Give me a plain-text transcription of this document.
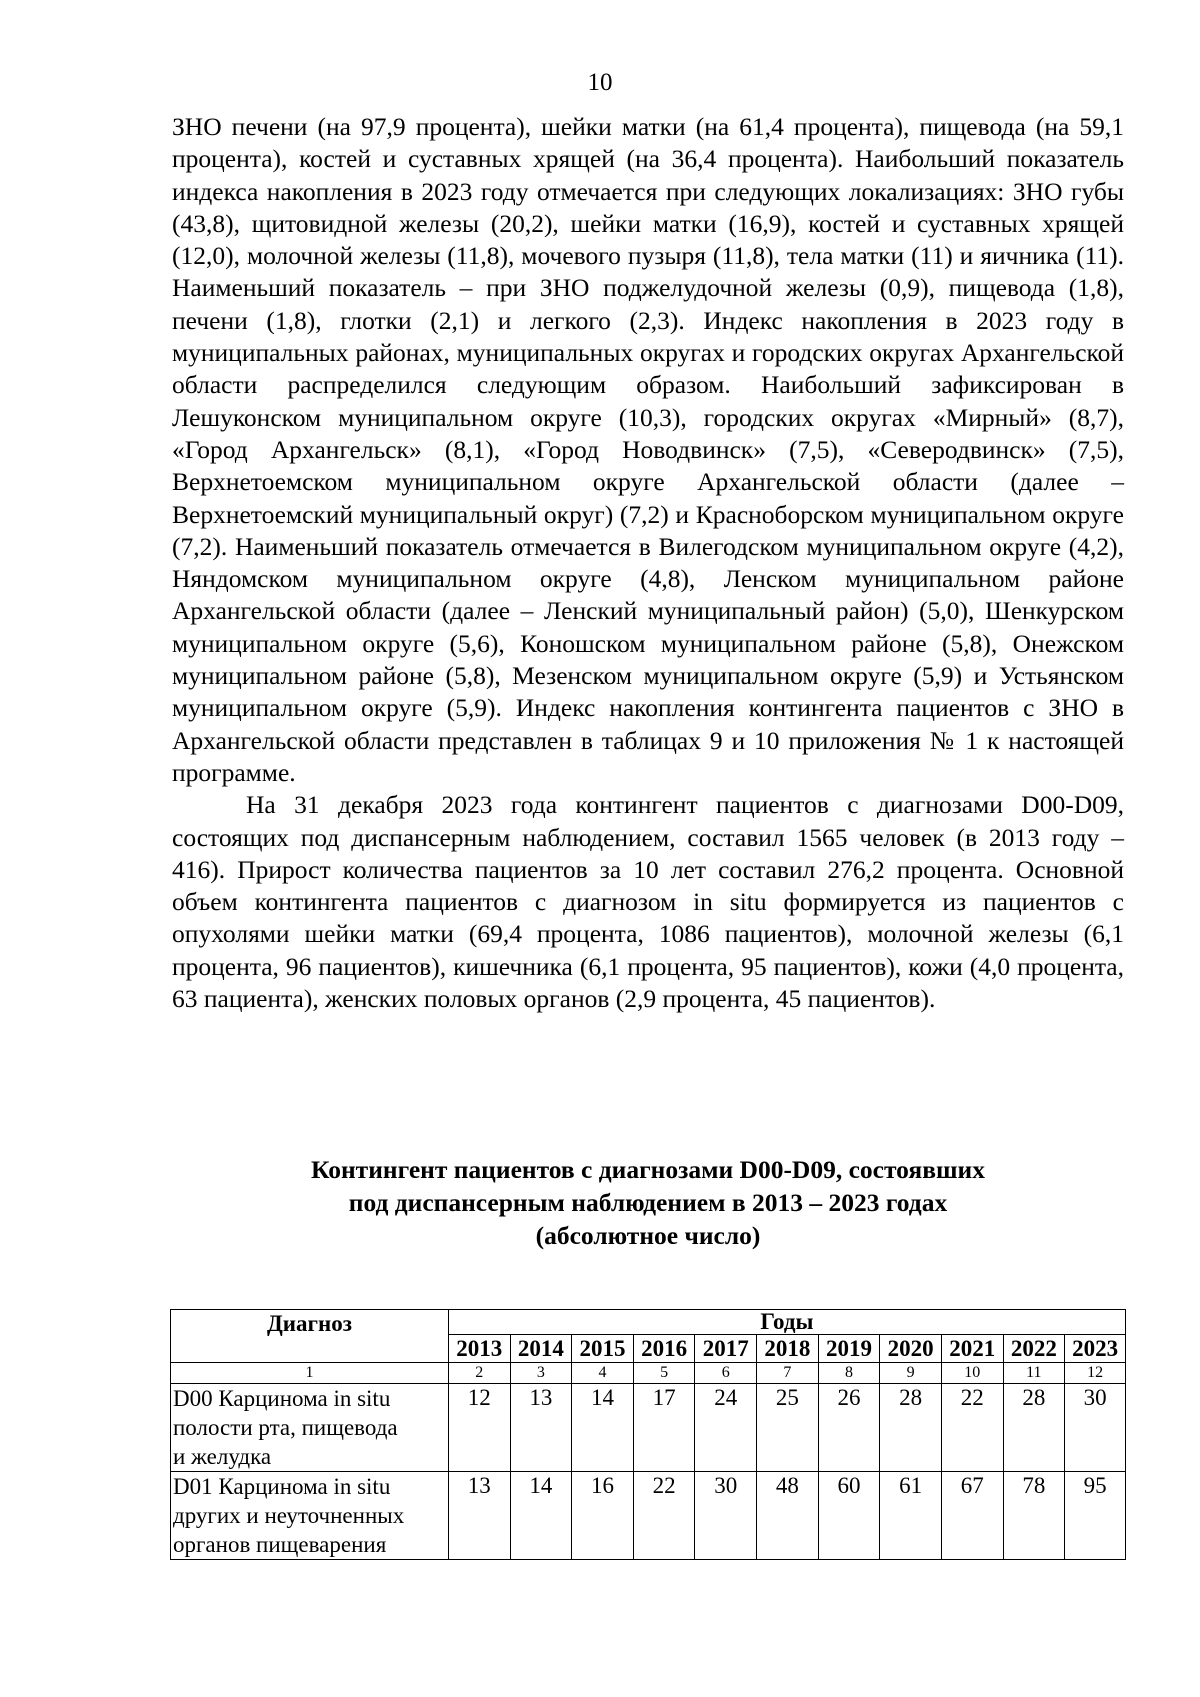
10

ЗНО печени (на 97,9 процента), шейки матки (на 61,4 процента), пищевода (на 59,1 процента), костей и суставных хрящей (на 36,4 процента). Наибольший показатель индекса накопления в 2023 году отмечается при следующих локализациях: ЗНО губы (43,8), щитовидной железы (20,2), шейки матки (16,9), костей и суставных хрящей (12,0), молочной железы (11,8), мочевого пузыря (11,8), тела матки (11) и яичника (11). Наименьший показатель – при ЗНО поджелудочной железы (0,9), пищевода (1,8), печени (1,8), глотки (2,1) и легкого (2,3). Индекс накопления в 2023 году в муниципальных районах, муниципальных округах и городских округах Архангельской области распределился следующим образом. Наибольший зафиксирован в Лешуконском муниципальном округе (10,3), городских округах «Мирный» (8,7), «Город Архангельск» (8,1), «Город Новодвинск» (7,5), «Северодвинск» (7,5), Верхнетоемском муниципальном округе Архангельской области (далее – Верхнетоемский муниципальный округ) (7,2) и Красноборском муниципальном округе (7,2). Наименьший показатель отмечается в Вилегодском муниципальном округе (4,2), Няндомском муниципальном округе (4,8), Ленском муниципальном районе Архангельской области (далее – Ленский муниципальный район) (5,0), Шенкурском муниципальном округе (5,6), Коношском муниципальном районе (5,8), Онежском муниципальном районе (5,8), Мезенском муниципальном округе (5,9) и Устьянском муниципальном округе (5,9). Индекс накопления контингента пациентов с ЗНО в Архангельской области представлен в таблицах 9 и 10 приложения № 1 к настоящей программе.

На 31 декабря 2023 года контингент пациентов с диагнозами D00-D09, состоящих под диспансерным наблюдением, составил 1565 человек (в 2013 году – 416). Прирост количества пациентов за 10 лет составил 276,2 процента. Основной объем контингента пациентов с диагнозом in situ формируется из пациентов с опухолями шейки матки (69,4 процента, 1086 пациентов), молочной железы (6,1 процента, 96 пациентов), кишечника (6,1 процента, 95 пациентов), кожи (4,0 процента, 63 пациента), женских половых органов (2,9 процента, 45 пациентов).

Контингент пациентов с диагнозами D00-D09, состоявших
под диспансерным наблюдением в 2013 – 2023 годах
(абсолютное число)
Диагноз	Годы										
	2013	2014	2015	2016	2017	2018	2019	2020	2021	2022	2023
1	2	3	4	5	6	7	8	9	10	11	12

D00 Карцинома in situ
полости рта, пищевода
и желудка	12	13	14	17	24	25	26	28	22	28	30

D01 Карцинома in situ
других и неуточненных
органов пищеварения	13	14	16	22	30	48	60	61	67	78	95
